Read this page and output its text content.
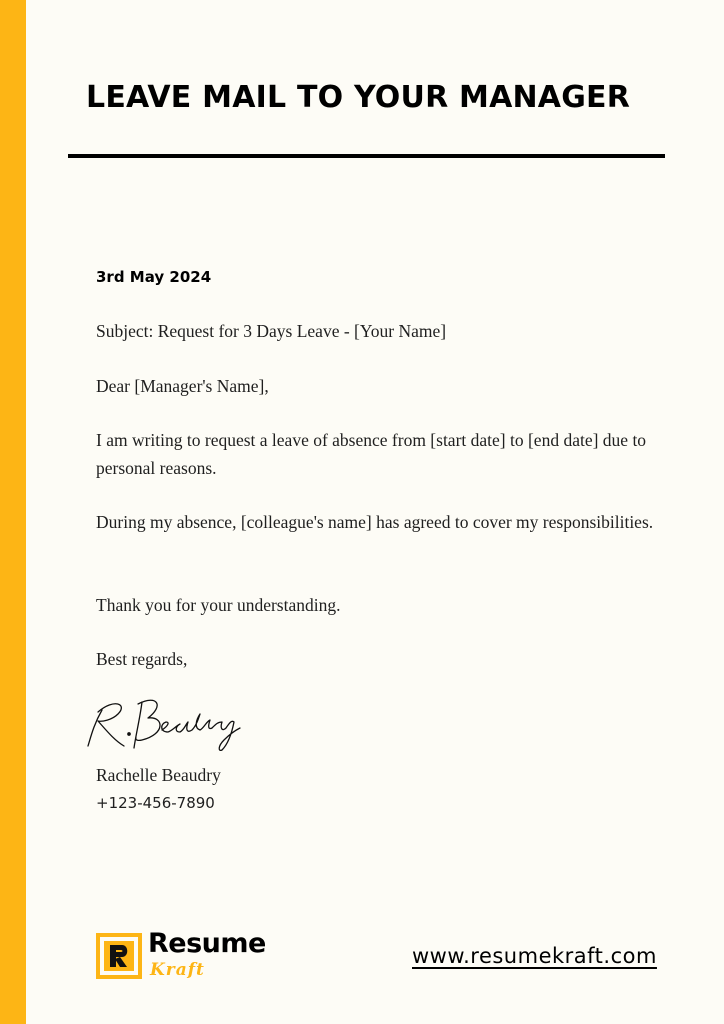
LEAVE MAIL TO YOUR MANAGER
3rd May 2024

Subject: Request for 3 Days Leave - [Your Name]

Dear [Manager's Name],

I am writing to request a leave of absence from [start date] to [end date] due to personal reasons.

During my absence, [colleague's name] has agreed to cover my responsibilities.

Thank you for your understanding.

Best regards,

Rachelle Beaudry
+123-456-7890
Resume
Kraft
www.resumekraft.com
